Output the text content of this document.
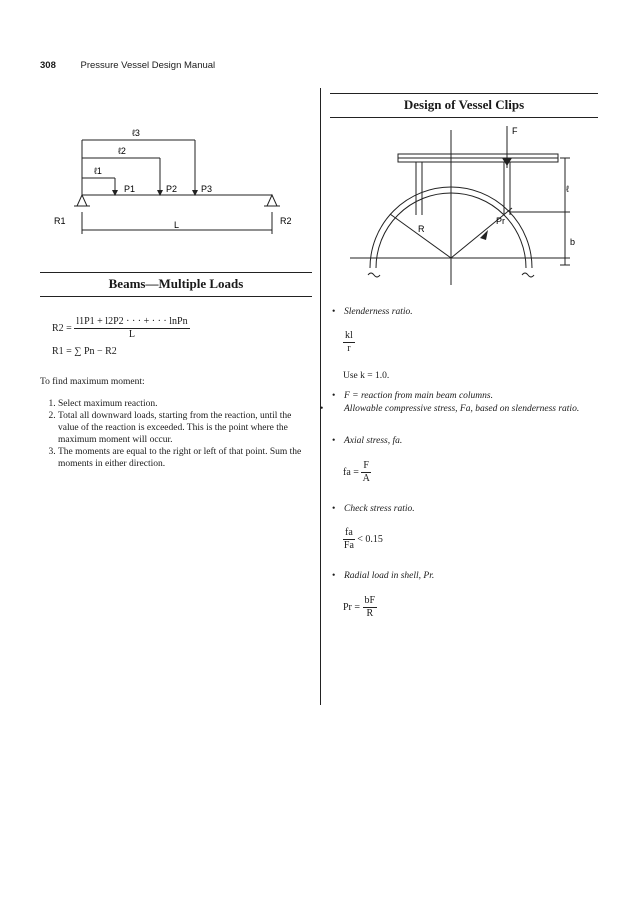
308	Pressure Vessel Design Manual
ℓ3
ℓ2
ℓ1
P1	P2	P3
R1	R2
L
Beams—Multiple Loads
$R2 = \frac{\text{l1P1 + l2P2 · · · + · · · lnPn}}{L}$
R1 = ∑ Pn − R2
To find maximum moment:
1. Select maximum reaction.
2. Total all downward loads, starting from the reaction, until the value of the reaction is exceeded. This is the point where the maximum moment will occur.
3. The moments are equal to the right or left of that point. Sum the moments in either direction.
Design of Vessel Clips
F
ℓ
R
Pr
b
• Slenderness ratio.
$\frac{kl}{r}$
Use k = 1.0.
• F = reaction from main beam columns.
• Allowable compressive stress, Fa, based on slenderness ratio.
• Axial stress, fa.
fa = $\frac{F}{A}$
• Check stress ratio.
$\frac{fa}{Fa} < 0.15$
• Radial load in shell, Pr.
$Pr = \frac{bF}{R}$
